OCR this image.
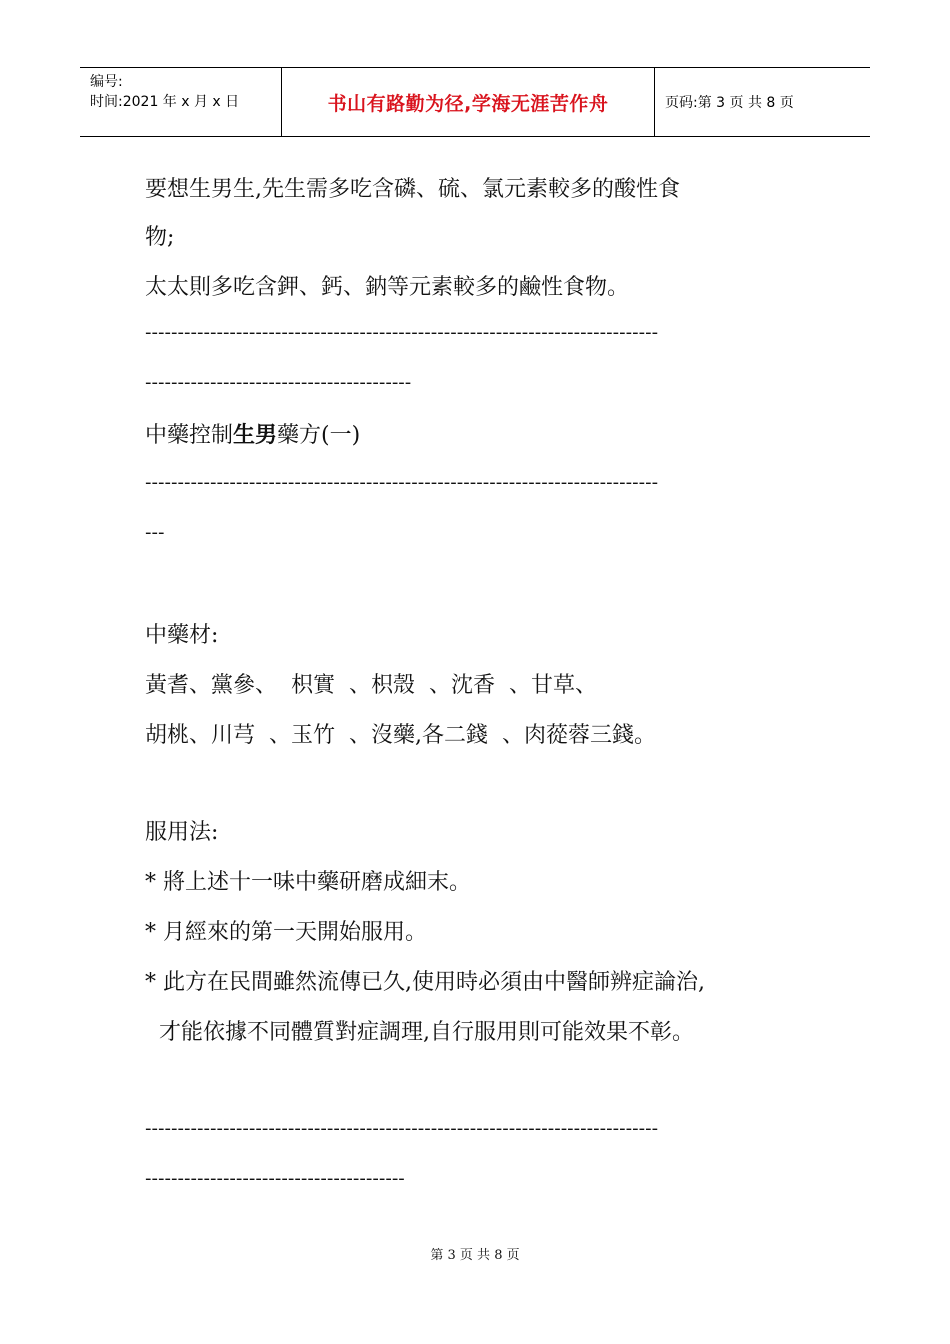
编号:
时间:2021 年 x 月 x 日	书山有路勤为径,学海无涯苦作舟	页码:第 3 页 共 8 页
要想生男生,先生需多吃含磷、硫、氯元素較多的酸性食
物;
太太則多吃含鉀、鈣、鈉等元素較多的鹼性食物。
-------------------------------------------------------------------------------
-----------------------------------------
中藥控制生男藥方(一)
-------------------------------------------------------------------------------
---
中藥材:
黃耆、黨參、  枳實  、枳殼  、沈香  、甘草、
胡桃、川芎  、玉竹  、沒藥,各二錢  、肉蓯蓉三錢。
服用法:
* 將上述十一味中藥研磨成細末。
* 月經來的第一天開始服用。
* 此方在民間雖然流傳已久,使用時必須由中醫師辨症論治,
才能依據不同體質對症調理,自行服用則可能效果不彰。
-------------------------------------------------------------------------------
----------------------------------------
第 3 页 共 8 页
